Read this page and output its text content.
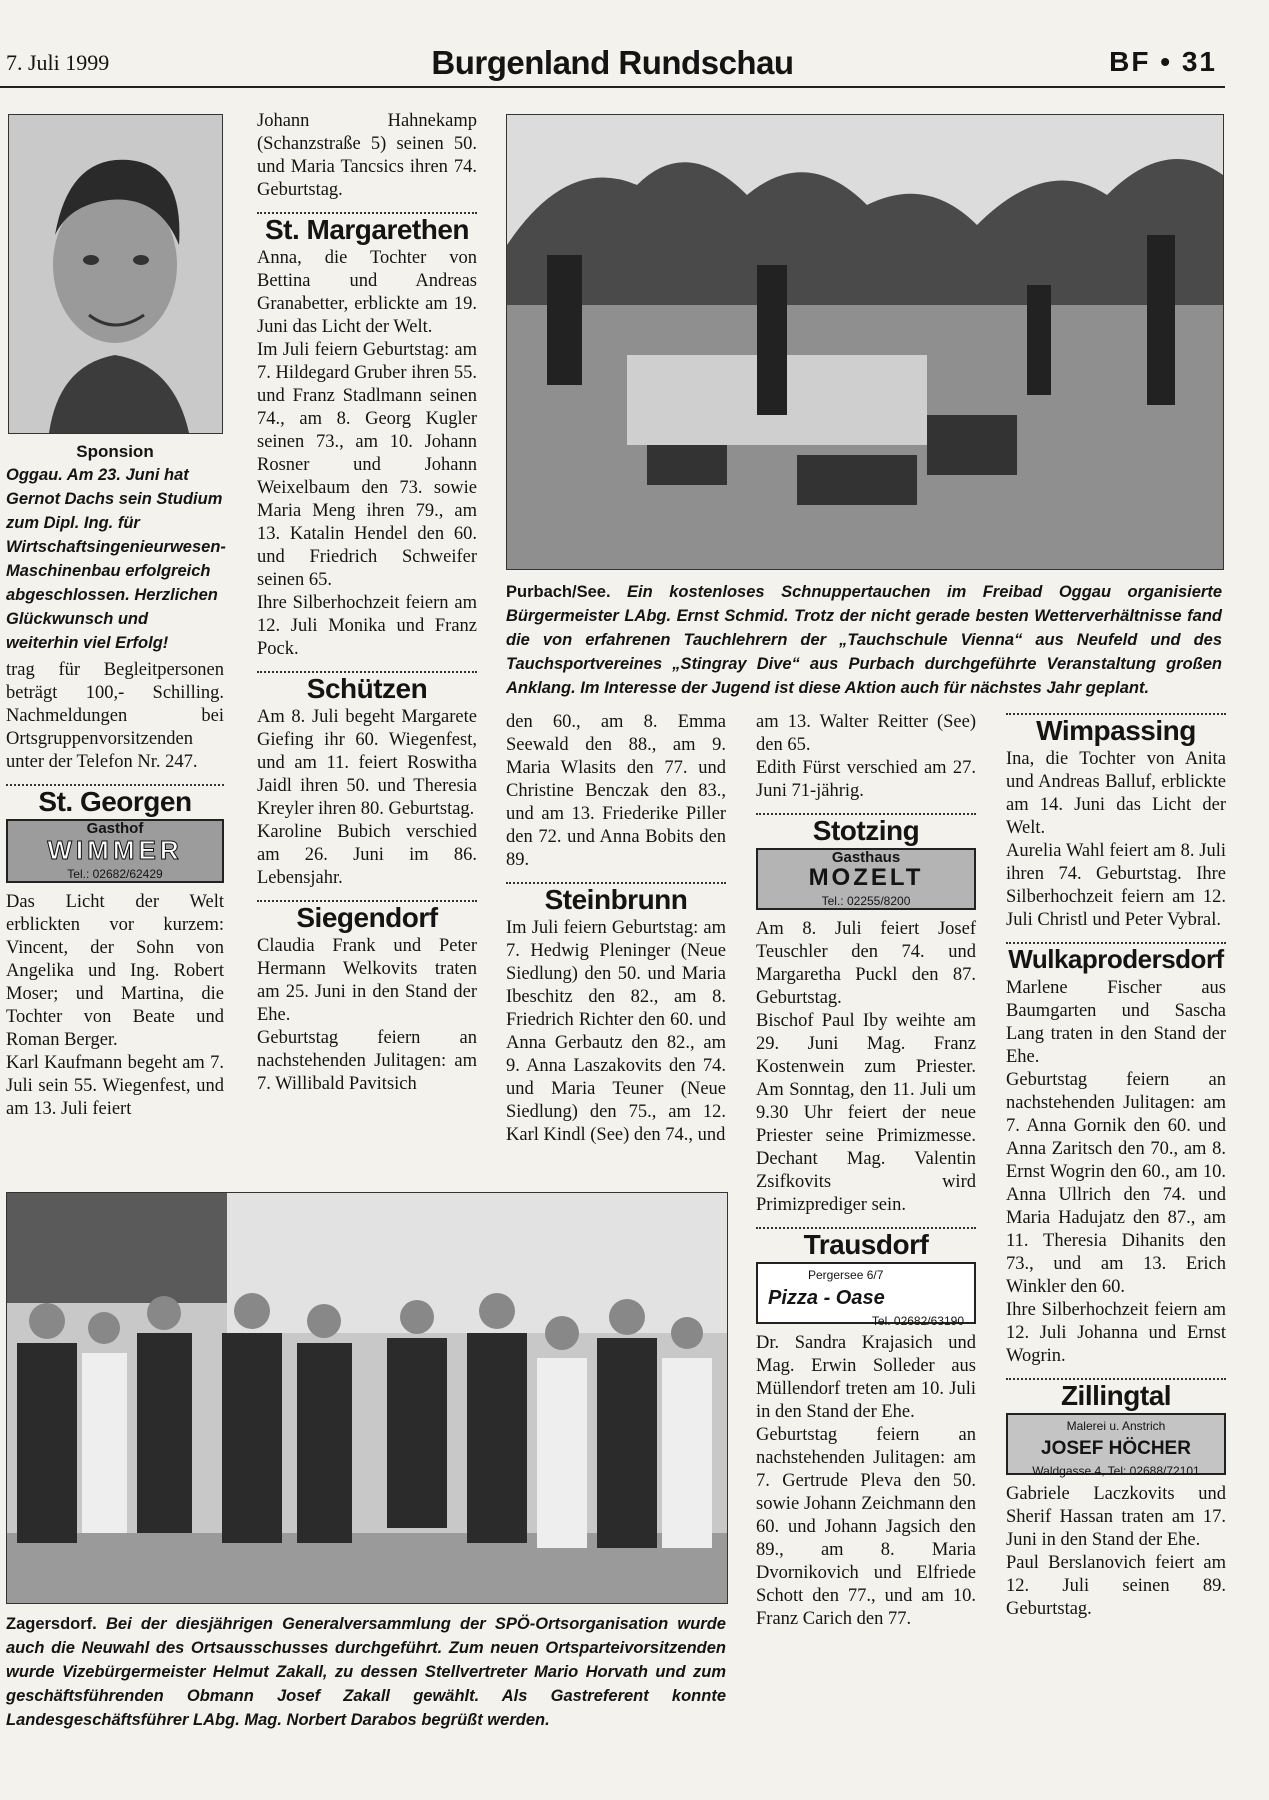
7. Juli 1999	Burgenland Rundschau	BF • 31
Sponsion
Oggau. Am 23. Juni hat Gernot Dachs sein Studium zum Dipl. Ing. für Wirtschaftsingenieurwesen-Maschinenbau erfolgreich abgeschlossen. Herzlichen Glückwunsch und weiterhin viel Erfolg!

trag für Begleitpersonen beträgt 100,- Schilling. Nachmeldungen bei Ortsgruppenvorsitzenden unter der Telefon Nr. 247.

St. Georgen
Gasthof
WIMMER
Tel.: 02682/62429

Das Licht der Welt erblickten vor kurzem: Vincent, der Sohn von Angelika und Ing. Robert Moser; und Martina, die Tochter von Beate und Roman Berger.

Karl Kaufmann begeht am 7. Juli sein 55. Wiegenfest, und am 13. Juli feiert

Johann Hahnekamp (Schanzstraße 5) seinen 50. und Maria Tancsics ihren 74. Geburtstag.

St. Margarethen

Anna, die Tochter von Bettina und Andreas Granabetter, erblickte am 19. Juni das Licht der Welt.

Im Juli feiern Geburtstag: am 7. Hildegard Gruber ihren 55. und Franz Stadlmann seinen 74., am 8. Georg Kugler seinen 73., am 10. Johann Rosner und Johann Weixelbaum den 73. sowie Maria Meng ihren 79., am 13. Katalin Hendel den 60. und Friedrich Schweifer seinen 65.

Ihre Silberhochzeit feiern am 12. Juli Monika und Franz Pock.

Schützen

Am 8. Juli begeht Margarete Giefing ihr 60. Wiegenfest, und am 11. feiert Roswitha Jaidl ihren 50. und Theresia Kreyler ihren 80. Geburtstag.

Karoline Bubich verschied am 26. Juni im 86. Lebensjahr.

Siegendorf

Claudia Frank und Peter Hermann Welkovits traten am 25. Juni in den Stand der Ehe.

Geburtstag feiern an nachstehenden Julitagen: am 7. Willibald Pavitsich

Purbach/See. Ein kostenloses Schnuppertauchen im Freibad Oggau organisierte Bürgermeister LAbg. Ernst Schmid. Trotz der nicht gerade besten Wetterverhältnisse fand die von erfahrenen Tauchlehrern der „Tauchschule Vienna“ aus Neufeld und des Tauchsportvereines „Stingray Dive“ aus Purbach durchgeführte Veranstaltung großen Anklang. Im Interesse der Jugend ist diese Aktion auch für nächstes Jahr geplant.

den 60., am 8. Emma Seewald den 88., am 9. Maria Wlasits den 77. und Christine Benczak den 83., und am 13. Friederike Piller den 72. und Anna Bobits den 89.

Steinbrunn

Im Juli feiern Geburtstag: am 7. Hedwig Pleninger (Neue Siedlung) den 50. und Maria Ibeschitz den 82., am 8. Friedrich Richter den 60. und Anna Gerbautz den 82., am 9. Anna Laszakovits den 74. und Maria Teuner (Neue Siedlung) den 75., am 12. Karl Kindl (See) den 74., und

am 13. Walter Reitter (See) den 65.

Edith Fürst verschied am 27. Juni 71-jährig.

Stotzing
Gasthaus
MOZELT
Tel.: 02255/8200

Am 8. Juli feiert Josef Teuschler den 74. und Margaretha Puckl den 87. Geburtstag.

Bischof Paul Iby weihte am 29. Juni Mag. Franz Kostenwein zum Priester. Am Sonntag, den 11. Juli um 9.30 Uhr feiert der neue Priester seine Primizmesse. Dechant Mag. Valentin Zsifkovits wird Primizprediger sein.

Trausdorf
Pergersee 6/7
Pizza - Oase
Tel. 02682/63190

Dr. Sandra Krajasich und Mag. Erwin Solleder aus Müllendorf treten am 10. Juli in den Stand der Ehe.

Geburtstag feiern an nachstehenden Julitagen: am 7. Gertrude Pleva den 50. sowie Johann Zeichmann den 60. und Johann Jagsich den 89., am 8. Maria Dvornikovich und Elfriede Schott den 77., und am 10. Franz Carich den 77.

Wimpassing

Ina, die Tochter von Anita und Andreas Balluf, erblickte am 14. Juni das Licht der Welt.

Aurelia Wahl feiert am 8. Juli ihren 74. Geburtstag. Ihre Silberhochzeit feiern am 12. Juli Christl und Peter Vybral.

Wulkaprodersdorf

Marlene Fischer aus Baumgarten und Sascha Lang traten in den Stand der Ehe.

Geburtstag feiern an nachstehenden Julitagen: am 7. Anna Gornik den 60. und Anna Zaritsch den 70., am 8. Ernst Wogrin den 60., am 10. Anna Ullrich den 74. und Maria Hadujatz den 87., am 11. Theresia Dihanits den 73., und am 13. Erich Winkler den 60.

Ihre Silberhochzeit feiern am 12. Juli Johanna und Ernst Wogrin.

Zillingtal
Malerei u. Anstrich
JOSEF HÖCHER
Waldgasse 4, Tel: 02688/72101

Gabriele Laczkovits und Sherif Hassan traten am 17. Juni in den Stand der Ehe.

Paul Berslanovich feiert am 12. Juli seinen 89. Geburtstag.

Zagersdorf. Bei der diesjährigen Generalversammlung der SPÖ-Ortsorganisation wurde auch die Neuwahl des Ortsausschusses durchgeführt. Zum neuen Ortsparteivorsitzenden wurde Vizebürgermeister Helmut Zakall, zu dessen Stellvertreter Mario Horvath und zum geschäftsführenden Obmann Josef Zakall gewählt. Als Gastreferent konnte Landesgeschäftsführer LAbg. Mag. Norbert Darabos begrüßt werden.
